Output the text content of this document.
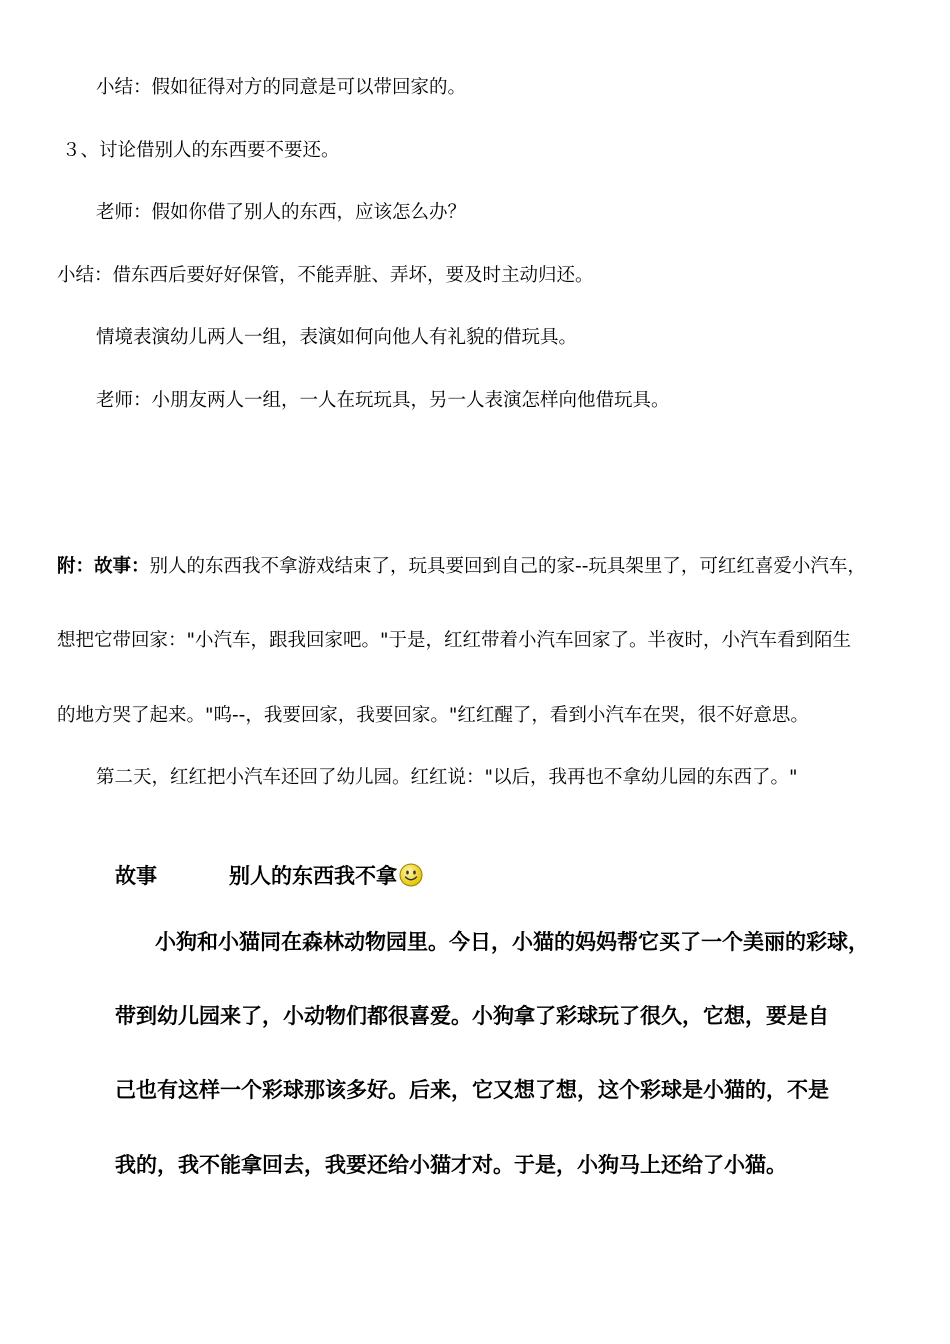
小结：假如征得对方的同意是可以带回家的。
３、讨论借别人的东西要不要还。
老师：假如你借了别人的东西，应该怎么办？
小结：借东西后要好好保管，不能弄脏、弄坏，要及时主动归还。
情境表演幼儿两人一组，表演如何向他人有礼貌的借玩具。
老师：小朋友两人一组，一人在玩玩具，另一人表演怎样向他借玩具。
附：故事：别人的东西我不拿游戏结束了，玩具要回到自己的家--玩具架里了，可红红喜爱小汽车，
想把它带回家："小汽车，跟我回家吧。"于是，红红带着小汽车回家了。半夜时，小汽车看到陌生
的地方哭了起来。"呜--，我要回家，我要回家。"红红醒了，看到小汽车在哭，很不好意思。
第二天，红红把小汽车还回了幼儿园。红红说："以后，我再也不拿幼儿园的东西了。"
故事	别人的东西我不拿
小狗和小猫同在森林动物园里。今日，小猫的妈妈帮它买了一个美丽的彩球，
带到幼儿园来了，小动物们都很喜爱。小狗拿了彩球玩了很久，它想，要是自
己也有这样一个彩球那该多好。后来，它又想了想，这个彩球是小猫的，不是
我的，我不能拿回去，我要还给小猫才对。于是，小狗马上还给了小猫。
